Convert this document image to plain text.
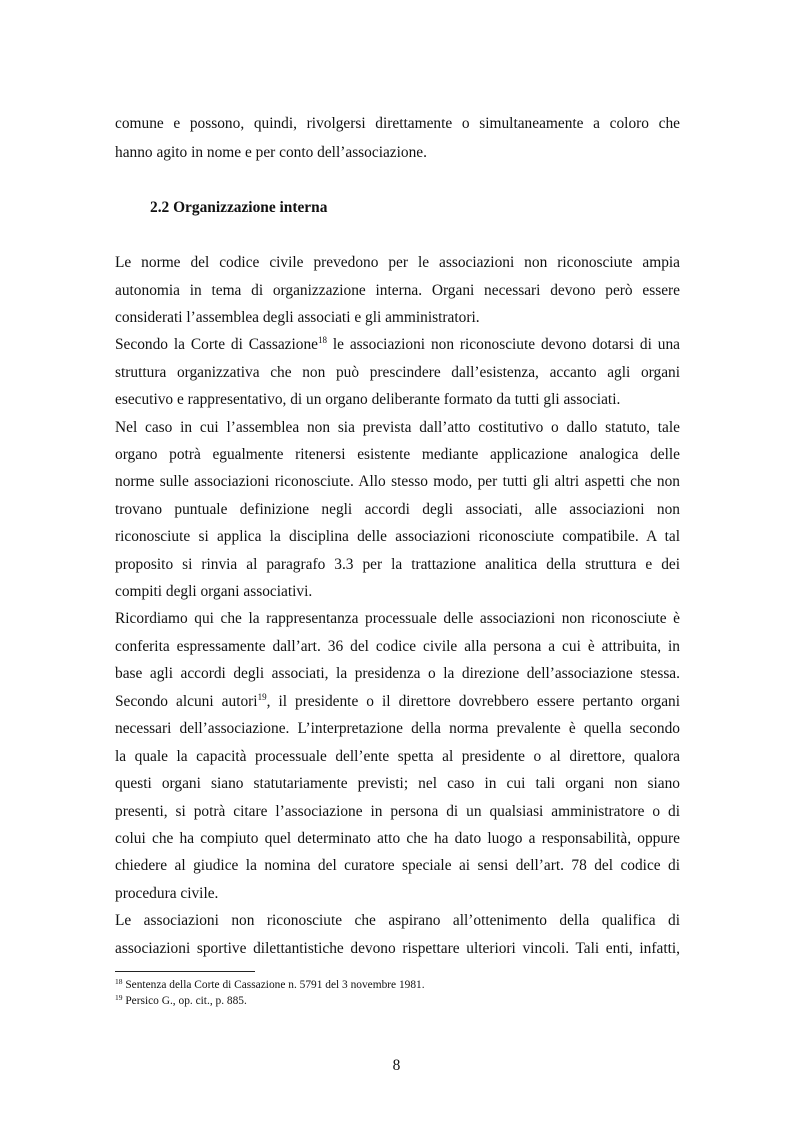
comune e possono, quindi, rivolgersi direttamente o simultaneamente a coloro che
hanno agito in nome e per conto dell’associazione.
2.2 Organizzazione interna
Le norme del codice civile prevedono per le associazioni non riconosciute ampia
autonomia in tema di organizzazione interna. Organi necessari devono però essere
considerati l’assemblea degli associati e gli amministratori.
Secondo la Corte di Cassazione$^{18}$ le associazioni non riconosciute devono dotarsi di una
struttura organizzativa che non può prescindere dall’esistenza, accanto agli organi
esecutivo e rappresentativo, di un organo deliberante formato da tutti gli associati.
Nel caso in cui l’assemblea non sia prevista dall’atto costitutivo o dallo statuto, tale
organo potrà egualmente ritenersi esistente mediante applicazione analogica delle
norme sulle associazioni riconosciute. Allo stesso modo, per tutti gli altri aspetti che non
trovano puntuale definizione negli accordi degli associati, alle associazioni non
riconosciute si applica la disciplina delle associazioni riconosciute compatibile. A tal
proposito si rinvia al paragrafo 3.3 per la trattazione analitica della struttura e dei
compiti degli organi associativi.
Ricordiamo qui che la rappresentanza processuale delle associazioni non riconosciute è
conferita espressamente dall’art. 36 del codice civile alla persona a cui è attribuita, in
base agli accordi degli associati, la presidenza o la direzione dell’associazione stessa.
Secondo alcuni autori$^{19}$, il presidente o il direttore dovrebbero essere pertanto organi
necessari dell’associazione. L’interpretazione della norma prevalente è quella secondo
la quale la capacità processuale dell’ente spetta al presidente o al direttore, qualora
questi organi siano statutariamente previsti; nel caso in cui tali organi non siano
presenti, si potrà citare l’associazione in persona di un qualsiasi amministratore o di
colui che ha compiuto quel determinato atto che ha dato luogo a responsabilità, oppure
chiedere al giudice la nomina del curatore speciale ai sensi dell’art. 78 del codice di
procedura civile.
Le associazioni non riconosciute che aspirano all’ottenimento della qualifica di
associazioni sportive dilettantistiche devono rispettare ulteriori vincoli. Tali enti, infatti,
$^{18}$ Sentenza della Corte di Cassazione n. 5791 del 3 novembre 1981.
$^{19}$ Persico G., op. cit., p. 885.
8
